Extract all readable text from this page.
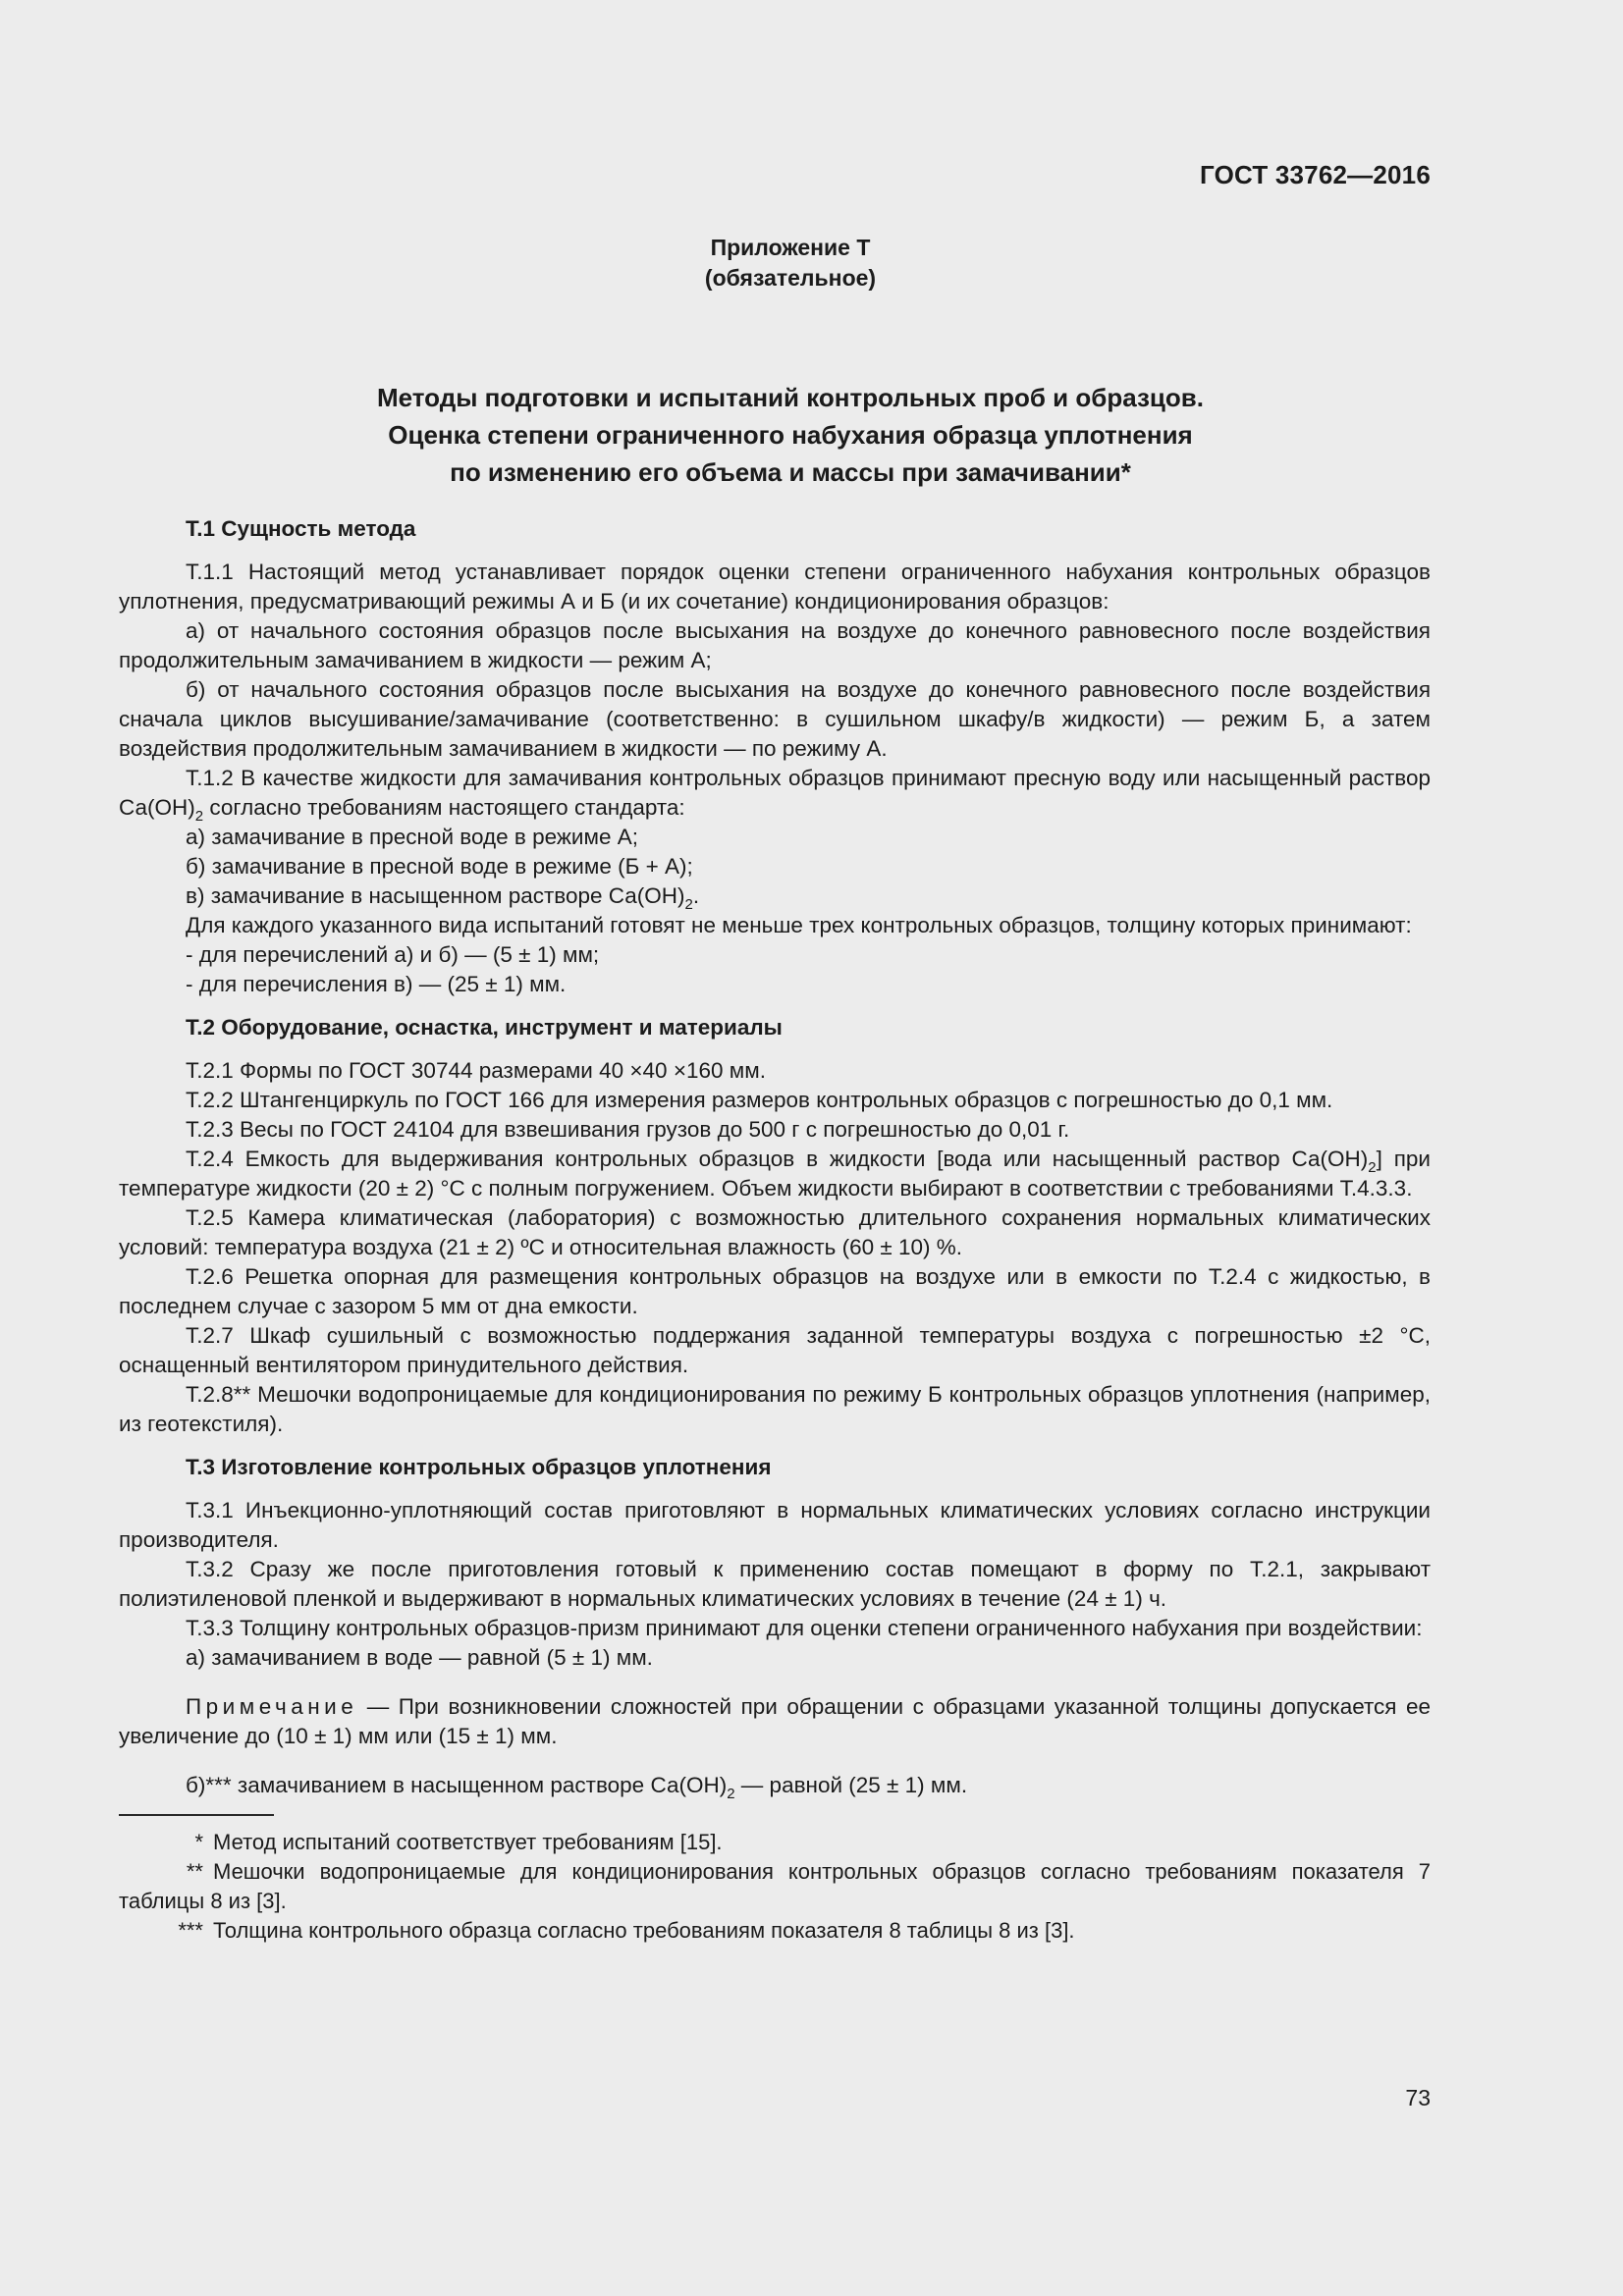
ГОСТ 33762—2016
Приложение Т
(обязательное)
Методы подготовки и испытаний контрольных проб и образцов.
Оценка степени ограниченного набухания образца уплотнения
по изменению его объема и массы при замачивании*

Т.1 Сущность метода

Т.1.1 Настоящий метод устанавливает порядок оценки степени ограниченного набухания контрольных образцов уплотнения, предусматривающий режимы А и Б (и их сочетание) кондиционирования образцов:

а) от начального состояния образцов после высыхания на воздухе до конечного равновесного после воздействия продолжительным замачиванием в жидкости — режим А;

б) от начального состояния образцов после высыхания на воздухе до конечного равновесного после воздействия сначала циклов высушивание/замачивание (соответственно: в сушильном шкафу/в жидкости) — режим Б, а затем воздействия продолжительным замачиванием в жидкости — по режиму А.

Т.1.2 В качестве жидкости для замачивания контрольных образцов принимают пресную воду или насыщенный раствор $Са(ОН)_2$ согласно требованиям настоящего стандарта:

а) замачивание в пресной воде в режиме А;

б) замачивание в пресной воде в режиме (Б + А);

в) замачивание в насыщенном растворе $Са(ОН)_2$.

Для каждого указанного вида испытаний готовят не меньше трех контрольных образцов, толщину которых принимают:

- для перечислений а) и б) — (5 ± 1) мм;

- для перечисления в) — (25 ± 1) мм.

Т.2 Оборудование, оснастка, инструмент и материалы

Т.2.1 Формы по ГОСТ 30744 размерами 40 ×40 ×160 мм.

Т.2.2 Штангенциркуль по ГОСТ 166 для измерения размеров контрольных образцов с погрешностью до 0,1 мм.

Т.2.3 Весы по ГОСТ 24104 для взвешивания грузов до 500 г с погрешностью до 0,01 г.

Т.2.4 Емкость для выдерживания контрольных образцов в жидкости [вода или насыщенный раствор $Са(ОН)_2$] при температуре жидкости (20 ± 2) °С с полным погружением. Объем жидкости выбирают в соответствии с требованиями Т.4.3.3.

Т.2.5 Камера климатическая (лаборатория) с возможностью длительного сохранения нормальных климатических условий: температура воздуха (21 ± 2) ºС и относительная влажность (60 ± 10) %.

Т.2.6 Решетка опорная для размещения контрольных образцов на воздухе или в емкости по Т.2.4 с жидкостью, в последнем случае с зазором 5 мм от дна емкости.

Т.2.7 Шкаф сушильный с возможностью поддержания заданной температуры воздуха с погрешностью ±2 °С, оснащенный вентилятором принудительного действия.

Т.2.8** Мешочки водопроницаемые для кондиционирования по режиму Б контрольных образцов уплотнения (например, из геотекстиля).

Т.3 Изготовление контрольных образцов уплотнения

Т.3.1 Инъекционно-уплотняющий состав приготовляют в нормальных климатических условиях согласно инструкции производителя.

Т.3.2 Сразу же после приготовления готовый к применению состав помещают в форму по Т.2.1, закрывают полиэтиленовой пленкой и выдерживают в нормальных климатических условиях в течение (24 ± 1) ч.

Т.3.3 Толщину контрольных образцов-призм принимают для оценки степени ограниченного набухания при воздействии:

а) замачиванием в воде — равной (5 ± 1) мм.

Примечание — При возникновении сложностей при обращении с образцами указанной толщины допускается ее увеличение до (10 ± 1) мм или (15 ± 1) мм.

б)*** замачиванием в насыщенном растворе $Са(ОН)_2$ — равной (25 ± 1) мм.

* Метод испытаний соответствует требованиям [15].

** Мешочки водопроницаемые для кондиционирования контрольных образцов согласно требованиям показателя 7 таблицы 8 из [3].

*** Толщина контрольного образца согласно требованиям показателя 8 таблицы 8 из [3].

73
